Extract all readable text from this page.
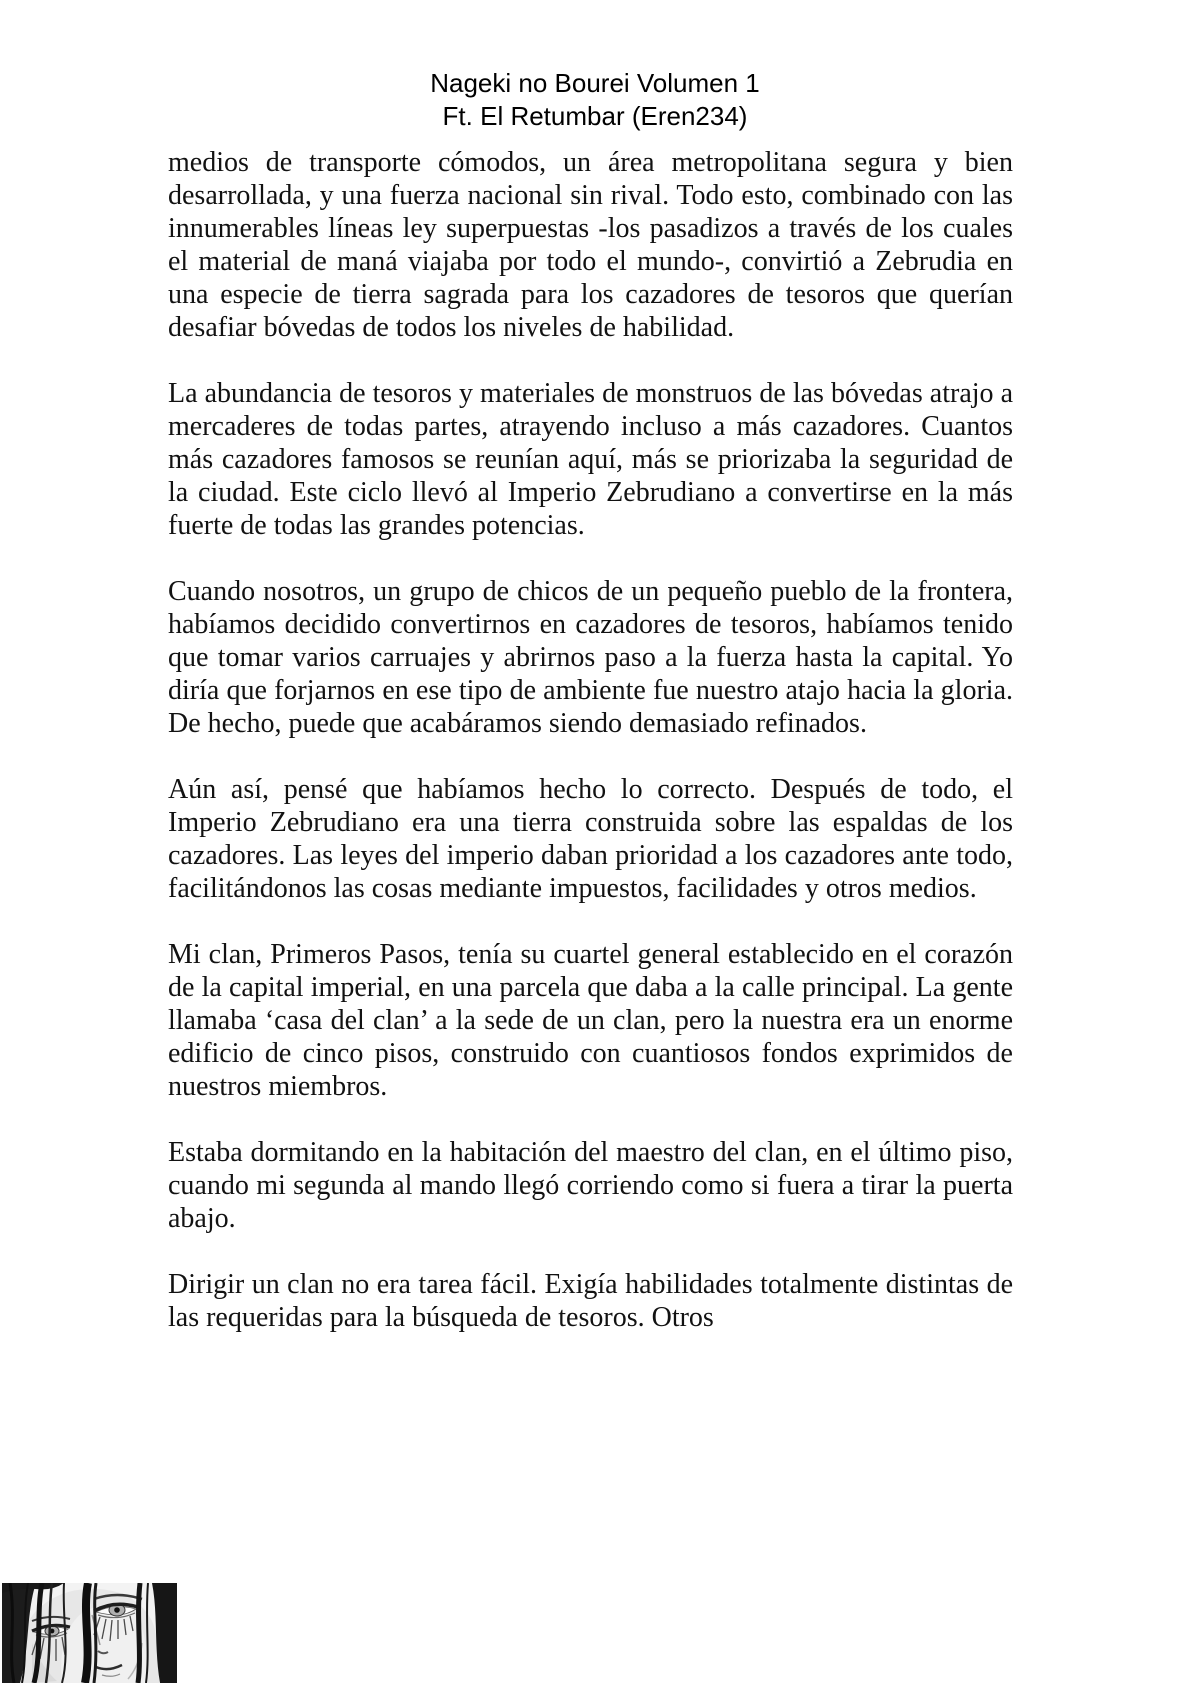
Nageki no Bourei Volumen 1
Ft. El Retumbar (Eren234)

medios de transporte cómodos, un área metropolitana segura y bien desarrollada, y una fuerza nacional sin rival. Todo esto, combinado con las innumerables líneas ley superpuestas -los pasadizos a través de los cuales el material de maná viajaba por todo el mundo-, convirtió a Zebrudia en una especie de tierra sagrada para los cazadores de tesoros que querían desafiar bóvedas de todos los niveles de habilidad.

La abundancia de tesoros y materiales de monstruos de las bóvedas atrajo a mercaderes de todas partes, atrayendo incluso a más cazadores. Cuantos más cazadores famosos se reunían aquí, más se priorizaba la seguridad de la ciudad. Este ciclo llevó al Imperio Zebrudiano a convertirse en la más fuerte de todas las grandes potencias.

Cuando nosotros, un grupo de chicos de un pequeño pueblo de la frontera, habíamos decidido convertirnos en cazadores de tesoros, habíamos tenido que tomar varios carruajes y abrirnos paso a la fuerza hasta la capital. Yo diría que forjarnos en ese tipo de ambiente fue nuestro atajo hacia la gloria. De hecho, puede que acabáramos siendo demasiado refinados.

Aún así, pensé que habíamos hecho lo correcto. Después de todo, el Imperio Zebrudiano era una tierra construida sobre las espaldas de los cazadores. Las leyes del imperio daban prioridad a los cazadores ante todo, facilitándonos las cosas mediante impuestos, facilidades y otros medios.

Mi clan, Primeros Pasos, tenía su cuartel general establecido en el corazón de la capital imperial, en una parcela que daba a la calle principal. La gente llamaba ‘casa del clan’ a la sede de un clan, pero la nuestra era un enorme edificio de cinco pisos, construido con cuantiosos fondos exprimidos de nuestros miembros.

Estaba dormitando en la habitación del maestro del clan, en el último piso, cuando mi segunda al mando llegó corriendo como si fuera a tirar la puerta abajo.

Dirigir un clan no era tarea fácil. Exigía habilidades totalmente distintas de las requeridas para la búsqueda de tesoros. Otros
